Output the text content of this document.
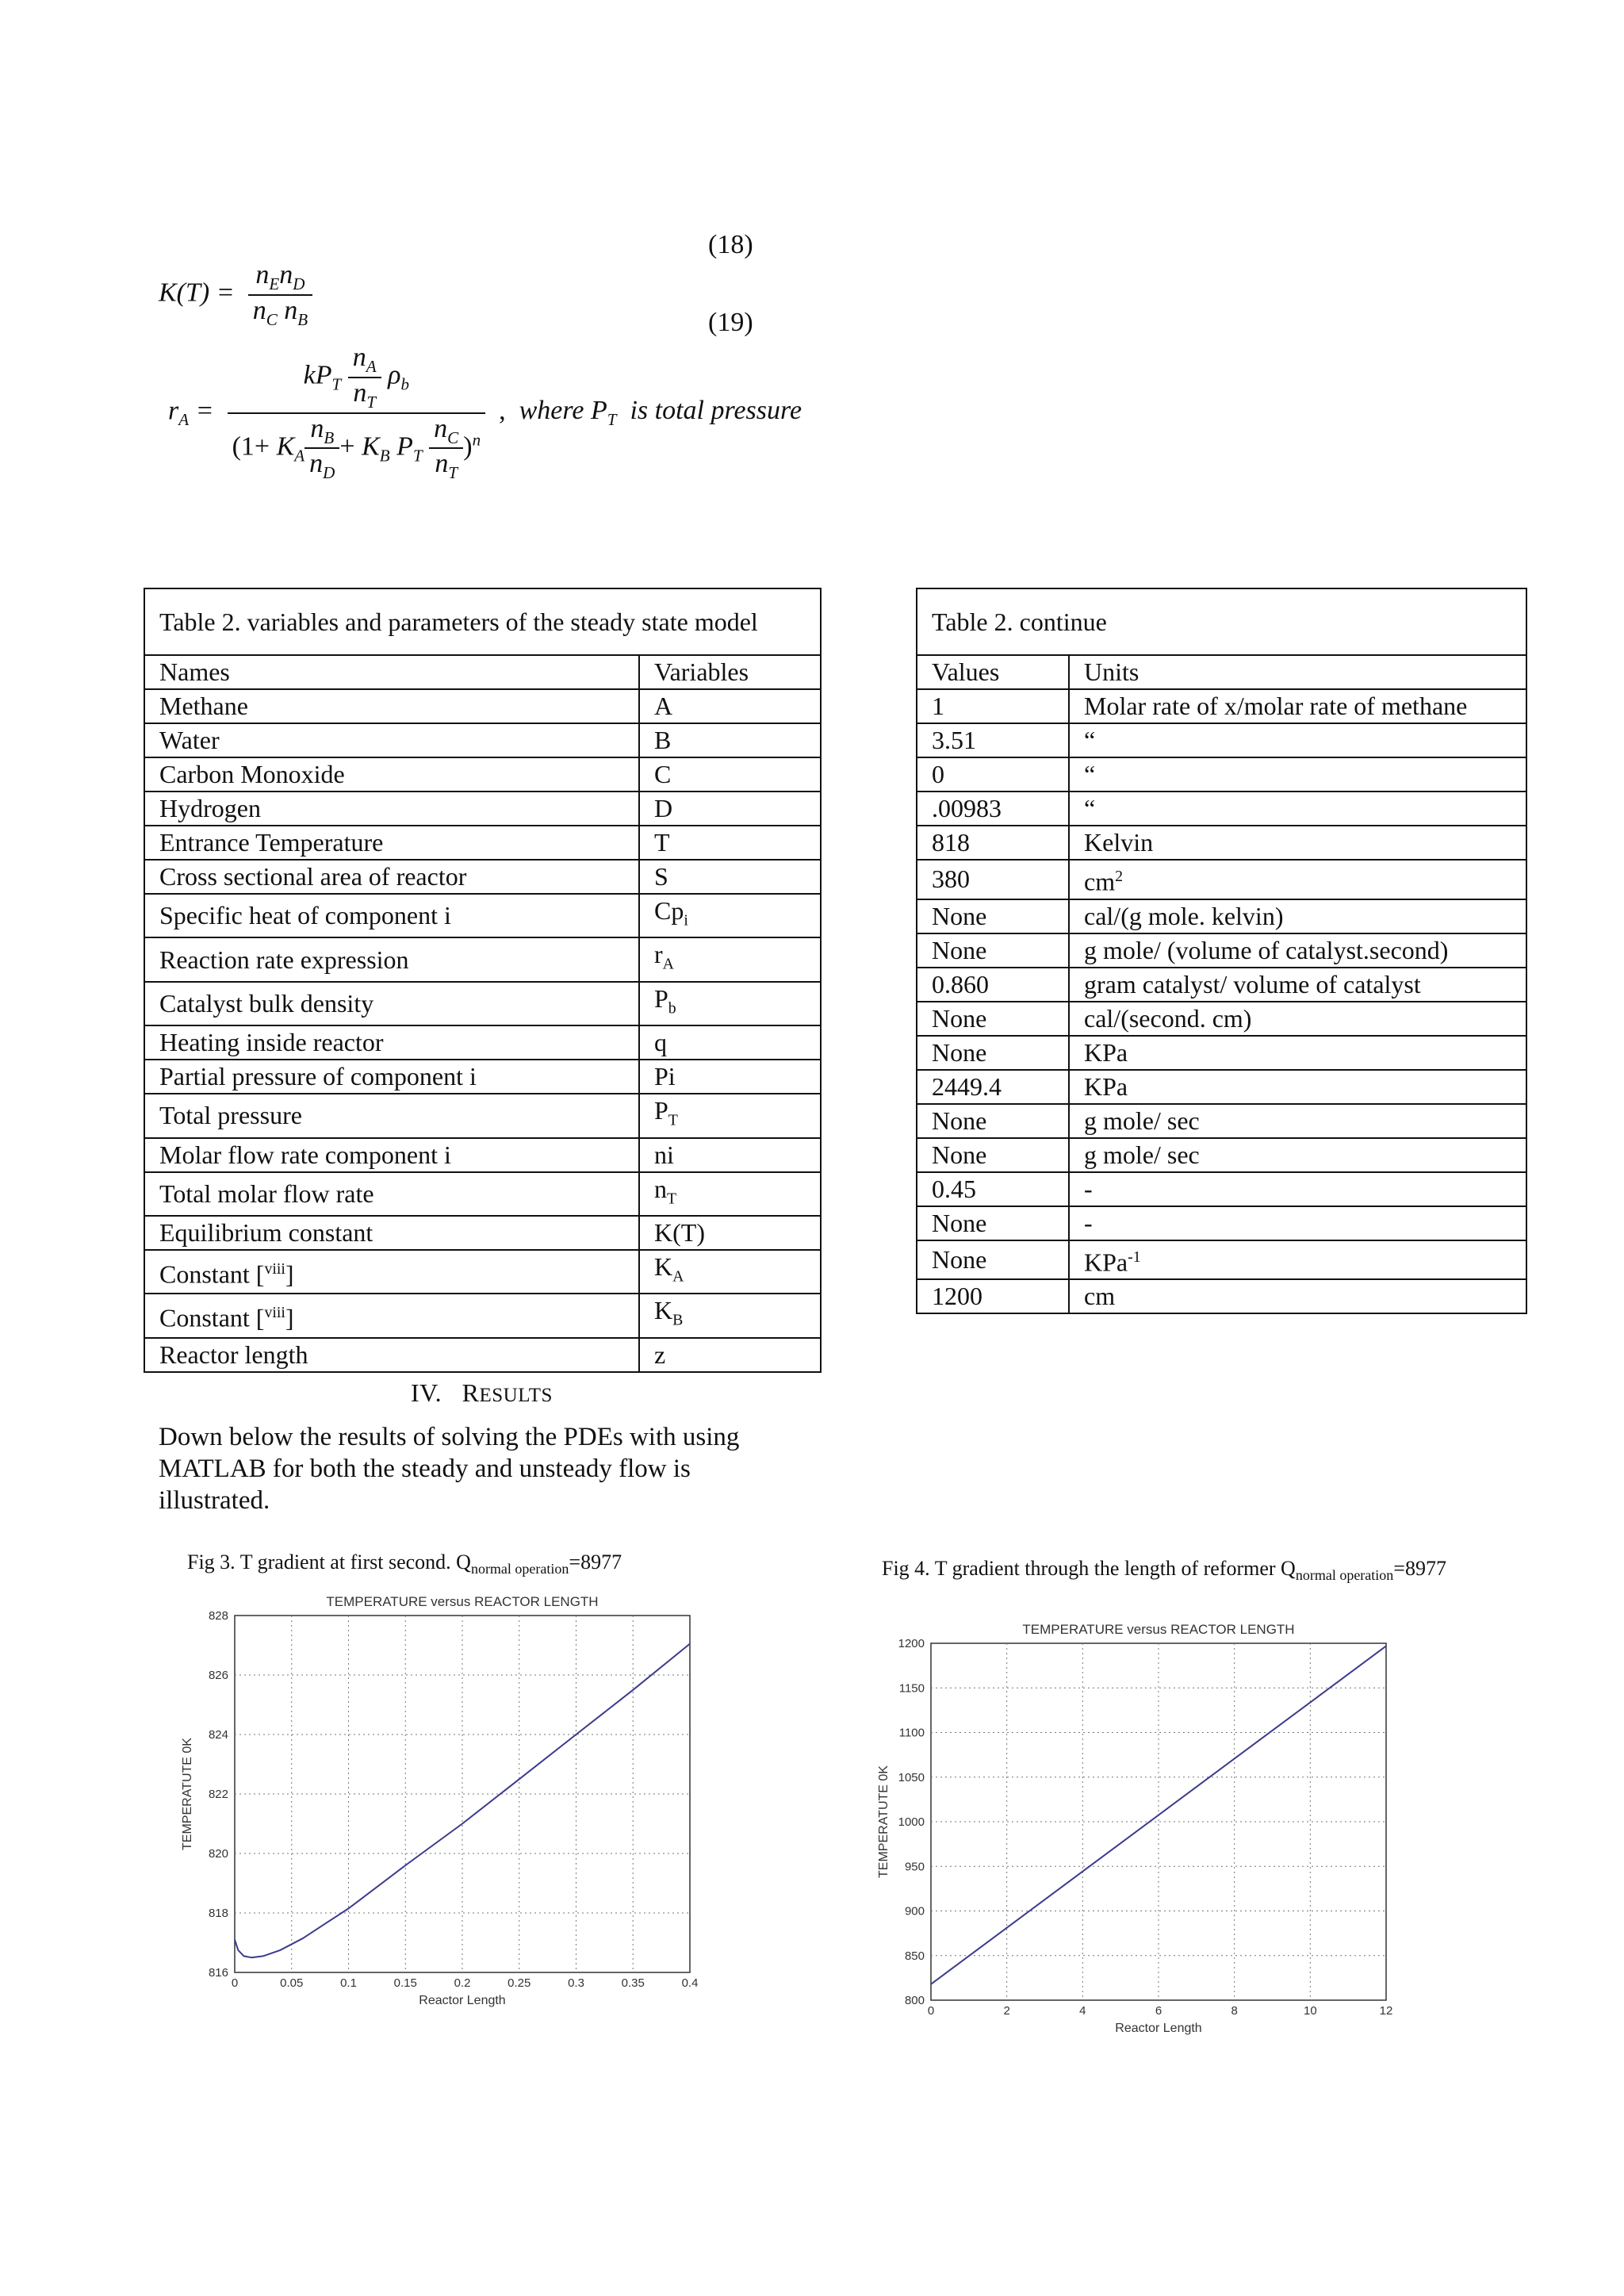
(18)
(19)
$K(T) = \frac{n_En_D}{n_C n_B}$
$r_A = \frac{kP_T \frac{n_A}{n_T} \rho_b}{(1+ K_A \frac{n_B}{n_D} + K_B P_T \frac{n_C}{n_T} )^n}$ ,  where $P_T$  is total pressure
Table 2. variables and parameters of the steady state model	
Names	Variables
Methane	A
Water	B
Carbon Monoxide	C
Hydrogen	D
Entrance Temperature	T
Cross sectional area of reactor	S
Specific heat of component i	$Cp_i$
Reaction rate expression	$r_A$
Catalyst bulk density	$P_b$
Heating inside reactor	q
Partial pressure of component i	Pi
Total pressure	$P_T$
Molar flow rate component i	ni
Total molar flow rate	$n_T$
Equilibrium constant	K(T)
Constant [$^{viii}$]	$K_A$
Constant [$^{viii}$]	$K_B$
Reactor length	z
Table 2. continue	
Values	Units
1	Molar rate of x/molar rate of methane
3.51	“
0	“
.00983	“
818	Kelvin
380	$cm^2$
None	cal/(g mole. kelvin)
None	g mole/ (volume of catalyst.second)
0.860	gram catalyst/ volume of catalyst
None	cal/(second. cm)
None	KPa
2449.4	KPa
None	g mole/ sec
None	g mole/ sec
0.45	-
None	-
None	KPa$^{-1}$
1200	cm
IV. RESULTS
Down below the results of solving the PDEs with using MATLAB for both the steady and unsteady flow is illustrated.
Fig 3. T gradient at first second. $Q_{normal operation}=8977$	Fig 4. T gradient through the length of reformer $Q_{normal operation}=8977$
0	0.05	0.1	0.15	0.2	0.25	0.3	0.35	0.4
816
818
820
822
824
826
828
TEMPERATURE versus REACTOR LENGTH
Reactor Length
TEMPERATUTE 0K
0	2	4	6	8	10	12
800
850
900
950
1000
1050
1100
1150
1200
TEMPERATURE versus REACTOR LENGTH
Reactor Length
TEMPERATUTE 0K
